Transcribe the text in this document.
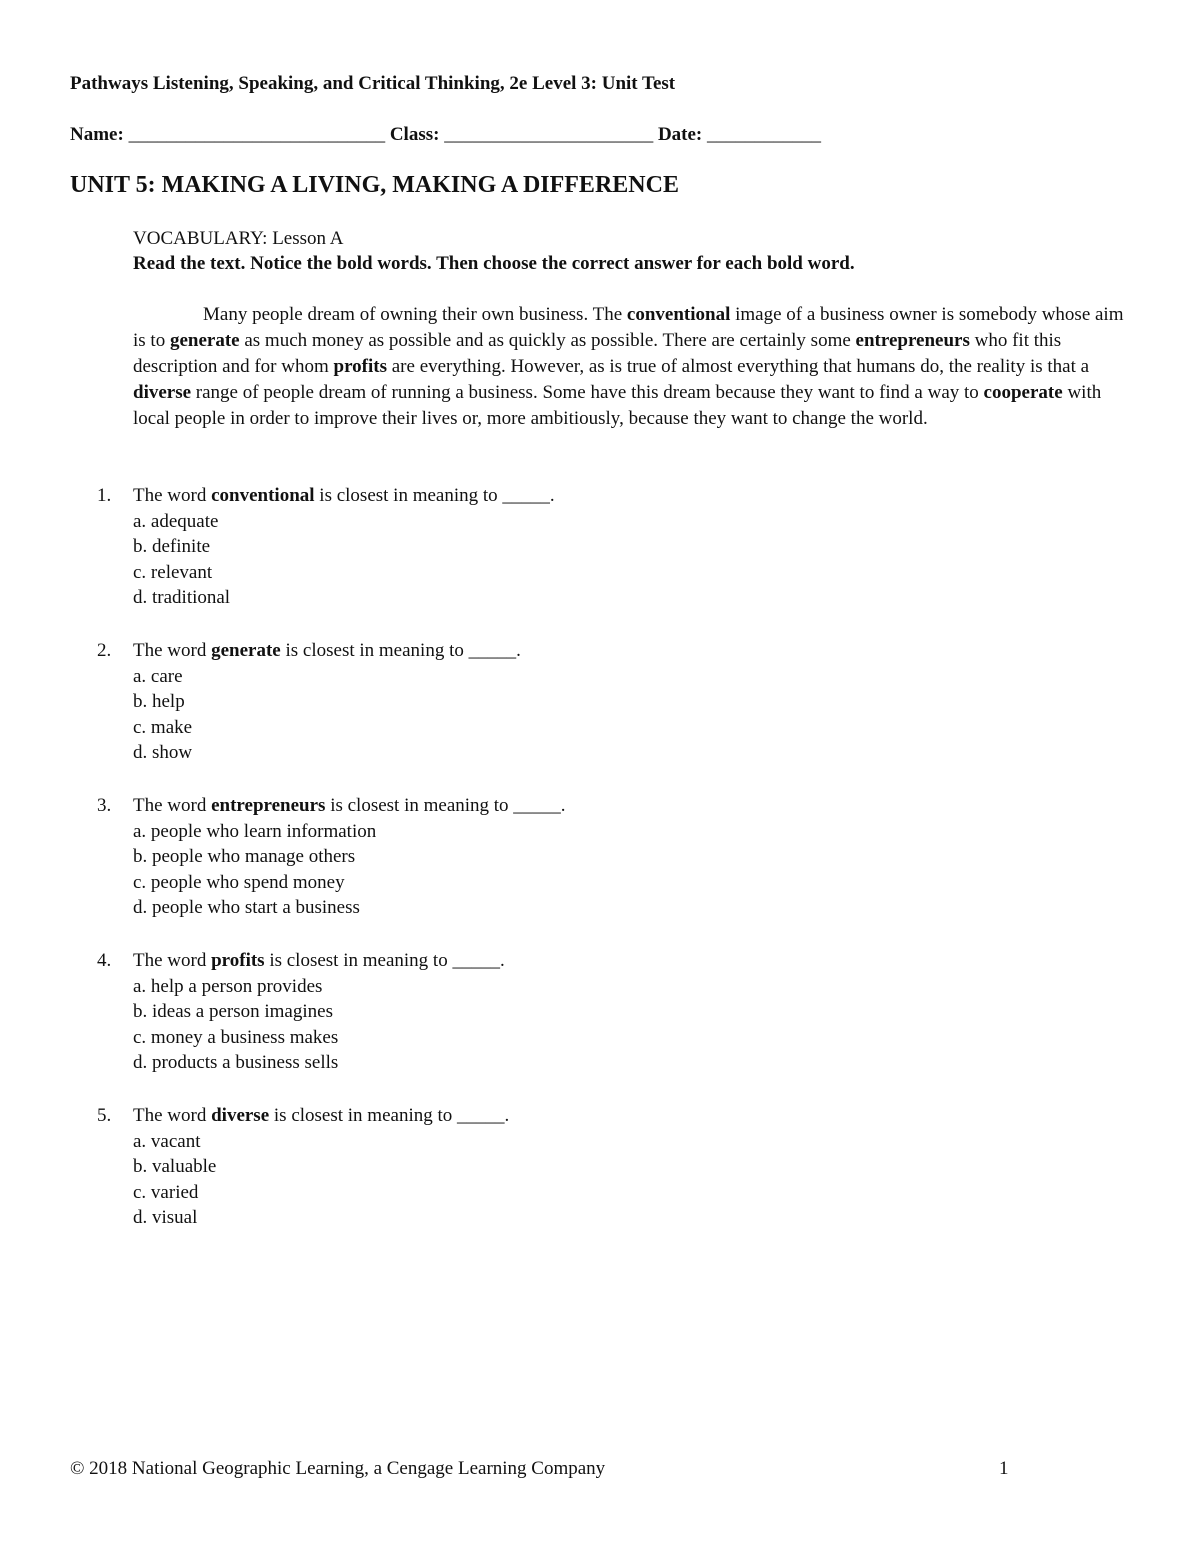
Pathways Listening, Speaking, and Critical Thinking, 2e Level 3: Unit Test
Name: ___________________________ Class: ______________________ Date: ____________
UNIT 5: MAKING A LIVING, MAKING A DIFFERENCE
VOCABULARY: Lesson A
Read the text. Notice the bold words. Then choose the correct answer for each bold word.

Many people dream of owning their own business. The conventional image of a business owner is somebody whose aim is to generate as much money as possible and as quickly as possible. There are certainly some entrepreneurs who fit this description and for whom profits are everything. However, as is true of almost everything that humans do, the reality is that a diverse range of people dream of running a business. Some have this dream because they want to find a way to cooperate with local people in order to improve their lives or, more ambitiously, because they want to change the world.

1.	The word conventional is closest in meaning to _____.
a. adequate
b. definite
c. relevant
d. traditional
2.	The word generate is closest in meaning to _____.
a. care
b. help
c. make
d. show
3.	The word entrepreneurs is closest in meaning to _____.
a. people who learn information
b. people who manage others
c. people who spend money
d. people who start a business
4.	The word profits is closest in meaning to _____.
a. help a person provides
b. ideas a person imagines
c. money a business makes
d. products a business sells
5.	The word diverse is closest in meaning to _____.
a. vacant
b. valuable
c. varied
d. visual
© 2018 National Geographic Learning, a Cengage Learning Company	1
